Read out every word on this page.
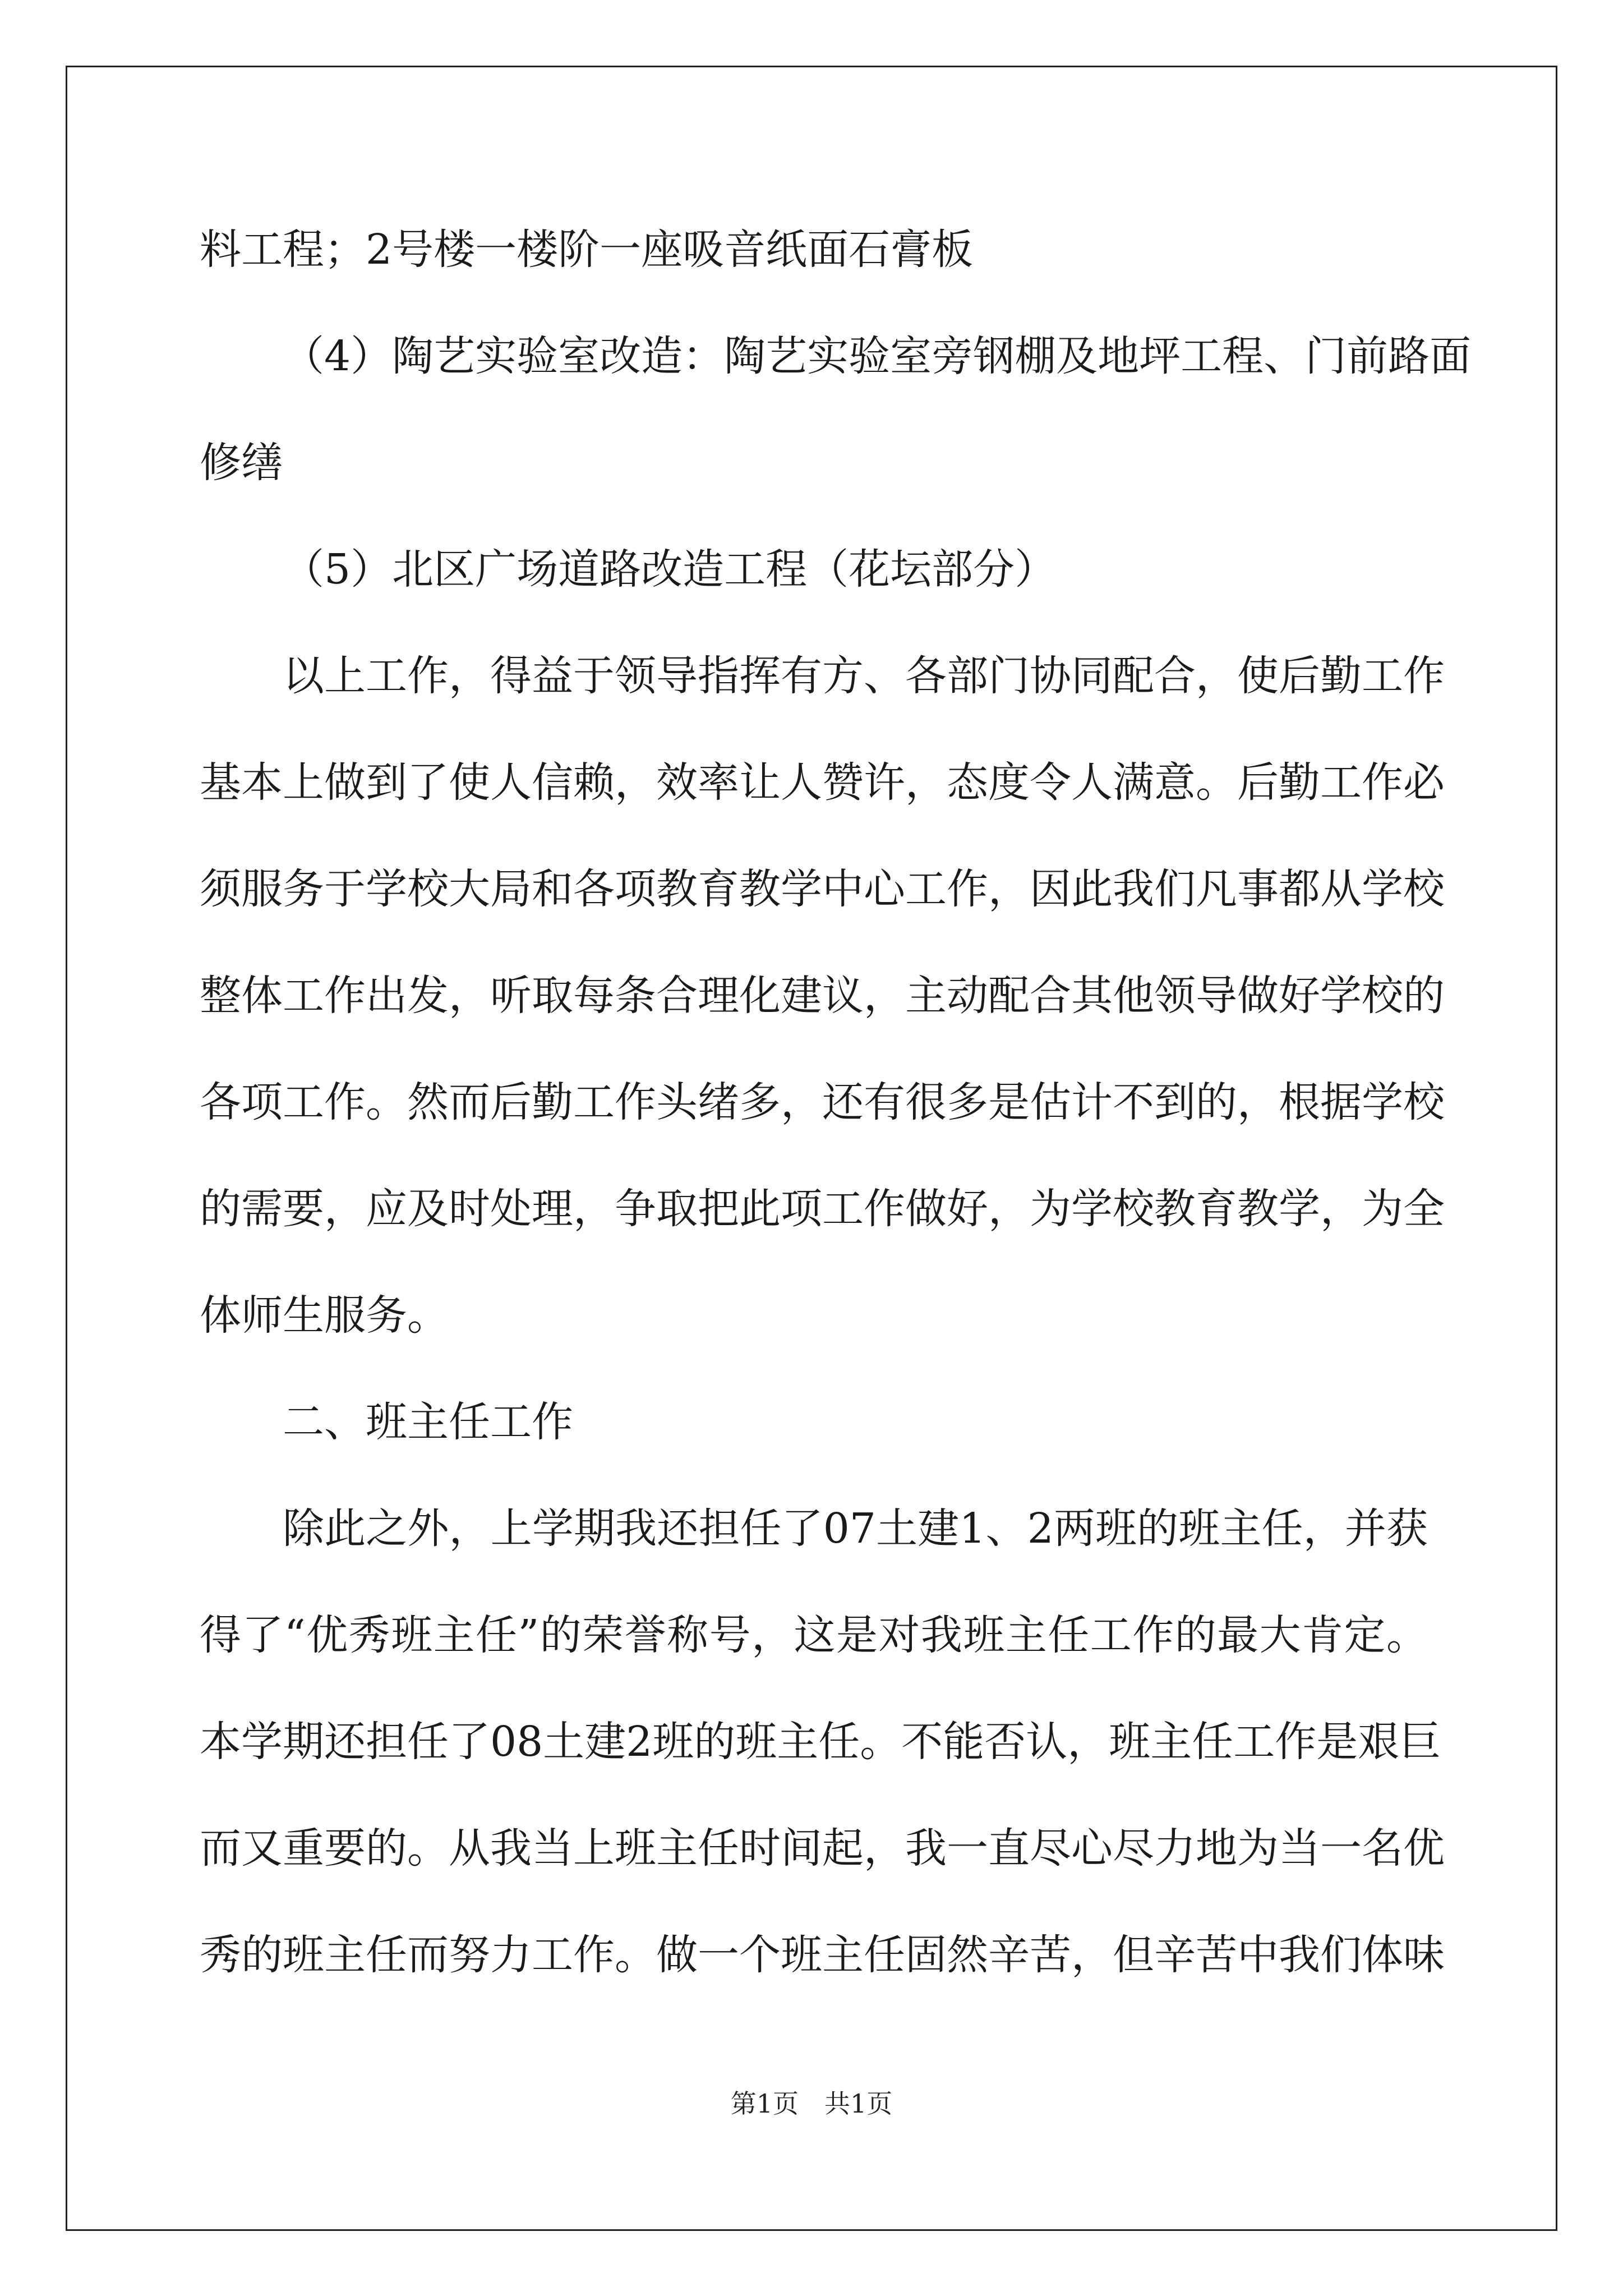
料工程；2号楼一楼阶一座吸音纸面石膏板
（4）陶艺实验室改造：陶艺实验室旁钢棚及地坪工程、门前路面
修缮
（5）北区广场道路改造工程（花坛部分）
以上工作，得益于领导指挥有方、各部门协同配合，使后勤工作
基本上做到了使人信赖，效率让人赞许，态度令人满意。后勤工作必
须服务于学校大局和各项教育教学中心工作，因此我们凡事都从学校
整体工作出发，听取每条合理化建议，主动配合其他领导做好学校的
各项工作。然而后勤工作头绪多，还有很多是估计不到的，根据学校
的需要，应及时处理，争取把此项工作做好，为学校教育教学，为全
体师生服务。
二、班主任工作
除此之外，上学期我还担任了07土建1、2两班的班主任，并获
得了“优秀班主任”的荣誉称号，这是对我班主任工作的最大肯定。
本学期还担任了08土建2班的班主任。不能否认，班主任工作是艰巨
而又重要的。从我当上班主任时间起，我一直尽心尽力地为当一名优
秀的班主任而努力工作。做一个班主任固然辛苦，但辛苦中我们体味
第1页　共1页
